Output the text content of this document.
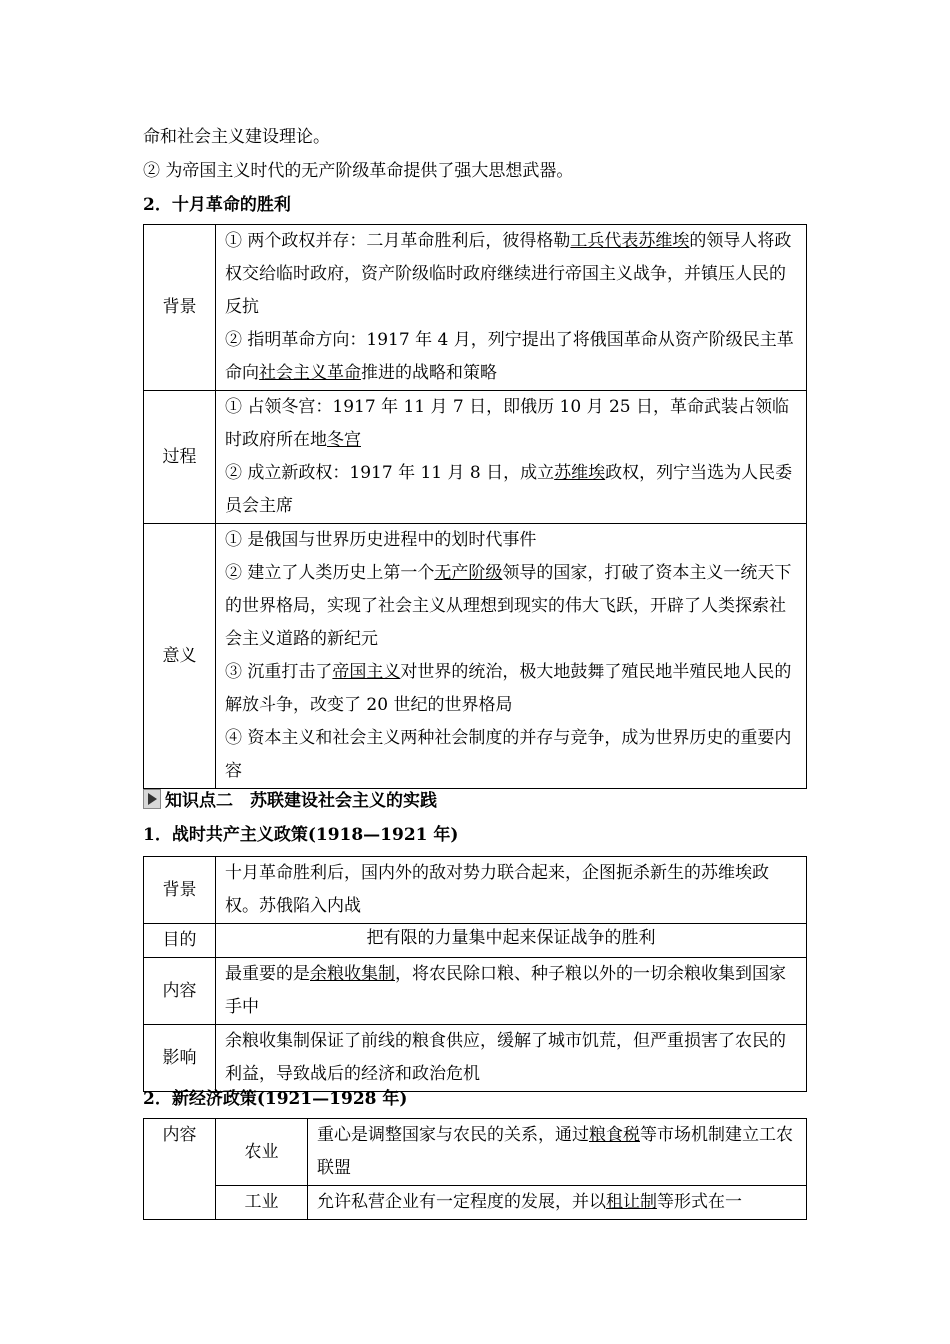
命和社会主义建设理论。
② 为帝国主义时代的无产阶级革命提供了强大思想武器。
2．十月革命的胜利
背景	① 两个政权并存：二月革命胜利后，彼得格勒工兵代表苏维埃的领导人将政权交给临时政府，资产阶级临时政府继续进行帝国主义战争，并镇压人民的反抗
② 指明革命方向：1917 年 4 月，列宁提出了将俄国革命从资产阶级民主革命向社会主义革命推进的战略和策略

过程	① 占领冬宫：1917 年 11 月 7 日，即俄历 10 月 25 日，革命武装占领临时政府所在地冬宫
② 成立新政权：1917 年 11 月 8 日，成立苏维埃政权，列宁当选为人民委员会主席

意义	① 是俄国与世界历史进程中的划时代事件
② 建立了人类历史上第一个无产阶级领导的国家，打破了资本主义一统天下的世界格局，实现了社会主义从理想到现实的伟大飞跃，开辟了人类探索社会主义道路的新纪元
③ 沉重打击了帝国主义对世界的统治，极大地鼓舞了殖民地半殖民地人民的解放斗争，改变了 20 世纪的世界格局
④ 资本主义和社会主义两种社会制度的并存与竞争，成为世界历史的重要内容
知识点二　苏联建设社会主义的实践
1．战时共产主义政策(1918—1921 年)
背景	十月革命胜利后，国内外的敌对势力联合起来，企图扼杀新生的苏维埃政权。苏俄陷入内战
目的	把有限的力量集中起来保证战争的胜利
内容	最重要的是余粮收集制，将农民除口粮、种子粮以外的一切余粮收集到国家手中
影响	余粮收集制保证了前线的粮食供应，缓解了城市饥荒，但严重损害了农民的利益，导致战后的经济和政治危机
2．新经济政策(1921—1928 年)
内容	农业	重心是调整国家与农民的关系，通过粮食税等市场机制建立工农联盟
	工业	允许私营企业有一定程度的发展，并以租让制等形式在一
